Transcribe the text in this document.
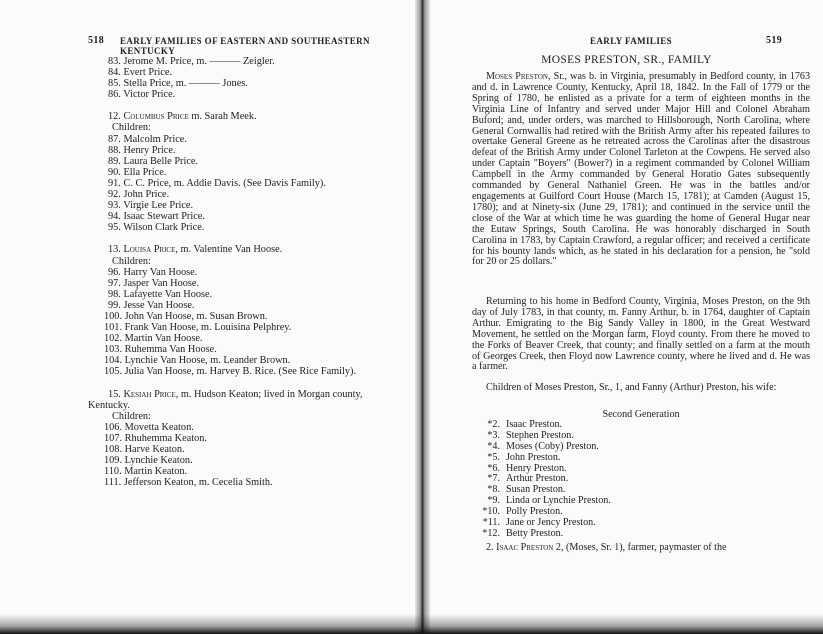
518 EARLY FAMILIES OF EASTERN AND SOUTHEASTERN KENTUCKY
83. Jerome M. Price, m. ——— Zeigler.
84. Evert Price.
85. Stella Price, m. ——— Jones.
86. Victor Price.
12. Columbus Price m. Sarah Meek.
Children:
87. Malcolm Price.
88. Henry Price.
89. Laura Belle Price.
90. Ella Price.
91. C. C. Price, m. Addie Davis. (See Davis Family).
92. John Price.
93. Virgie Lee Price.
94. Isaac Stewart Price.
95. Wilson Clark Price.
13. Louisa Price, m. Valentine Van Hoose.
Children:
96. Harry Van Hoose.
97. Jasper Van Hoose.
98. Lafayette Van Hoose.
99. Jesse Van Hoose.
100. John Van Hoose, m. Susan Brown.
101. Frank Van Hoose, m. Louisina Pelphrey.
102. Martin Van Hoose.
103. Ruhemma Van Hoose.
104. Lynchie Van Hoose, m. Leander Brown.
105. Julia Van Hoose, m. Harvey B. Rice. (See Rice Family).
15. Kesiah Price, m. Hudson Keaton; lived in Morgan county,
Kentucky.
Children:
106. Movetta Keaton.
107. Rhuhemma Keaton.
108. Harve Keaton.
109. Lynchie Keaton.
110. Martin Keaton.
111. Jefferson Keaton, m. Cecelia Smith.
EARLY FAMILIES	519
MOSES PRESTON, SR., FAMILY

Moses Preston, Sr., was b. in Virginia, presumably in Bedford county, in 1763 and d. in Lawrence County, Kentucky, April 18, 1842. In the Fall of 1779 or the Spring of 1780, he enlisted as a private for a term of eighteen months in the Virginia Line of Infantry and served under Major Hill and Colonel Abraham Buford; and, under orders, was marched to Hillsborough, North Carolina, where General Cornwallis had retired with the British Army after his repeated failures to overtake General Greene as he retreated across the Carolinas after the disastrous defeat of the British Army under Colonel Tarleton at the Cowpens. He served also under Captain "Boyers" (Bower?) in a regiment commanded by Colonel William Campbell in the Army commanded by General Horatio Gates subsequently commanded by General Nathaniel Green. He was in the battles and/or engagements at Guilford Court House (March 15, 1781); at Camden (August 15, 1780); and at Ninety-six (June 29, 1781); and continued in the service until the close of the War at which time he was guarding the home of General Hugar near the Eutaw Springs, South Carolina. He was honorably discharged in South Carolina in 1783, by Captain Crawford, a regular officer; and received a certificate for his bounty lands which, as he stated in his declaration for a pension, he "sold for 20 or 25 dollars."

Returning to his home in Bedford County, Virginia, Moses Preston, on the 9th day of July 1783, in that county, m. Fanny Arthur, b. in 1764, daughter of Captain Arthur. Emigrating to the Big Sandy Valley in 1800, in the Great Westward Movement, he settled on the Morgan farm, Floyd county. From there he moved to the Forks of Beaver Creek, that county; and finally settled on a farm at the mouth of Georges Creek, then Floyd now Lawrence county, where he lived and d. He was a farmer.

Children of Moses Preston, Sr., 1, and Fanny (Arthur) Preston, his wife:

Second Generation
*2. Isaac Preston.
*3. Stephen Preston.
*4. Moses (Coby) Preston.
*5. John Preston.
*6. Henry Preston.
*7. Arthur Preston.
*8. Susan Preston.
*9. Linda or Lynchie Preston.
*10. Polly Preston.
*11. Jane or Jency Preston.
*12. Betty Preston.

2. Isaac Preston 2, (Moses, Sr. 1), farmer, paymaster of the
